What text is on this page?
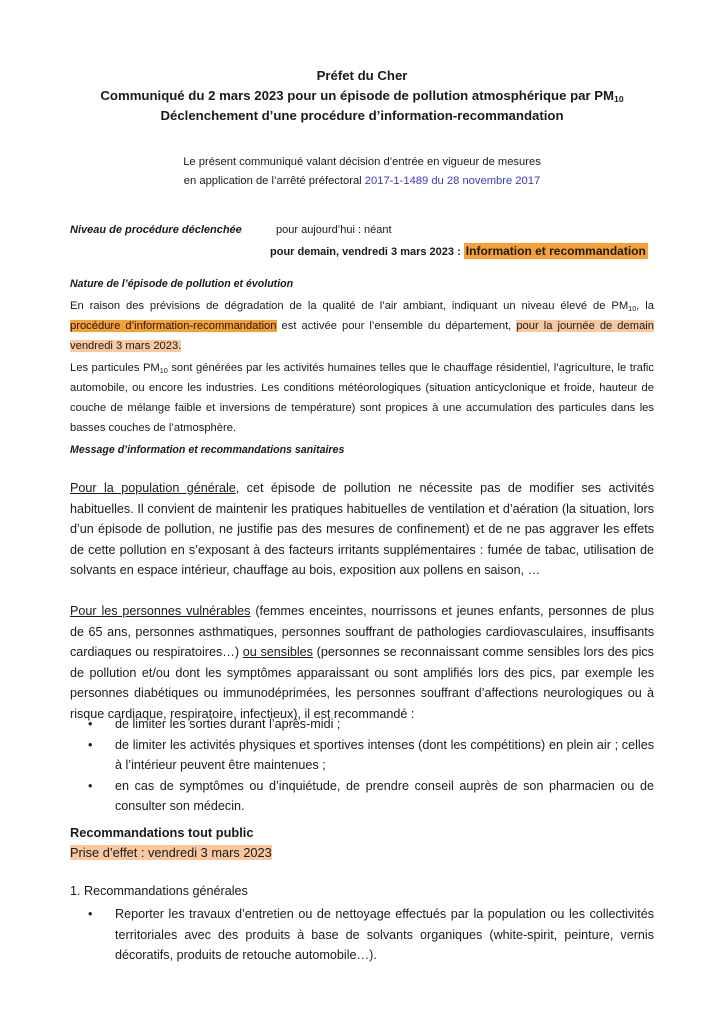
Préfet du Cher
Communiqué du 2 mars 2023 pour un épisode de pollution atmosphérique par $PM_{10}$
Déclenchement d’une procédure d’information-recommandation
Le présent communiqué valant décision d’entrée en vigueur de mesures
en application de l’arrêté préfectoral 2017-1-1489 du 28 novembre 2017
Niveau de procédure déclenchée	pour aujourd’hui : néant
pour demain, vendredi 3 mars 2023 : Information et recommandation
Nature de l’épisode de pollution et évolution
En raison des prévisions de dégradation de la qualité de l’air ambiant, indiquant un niveau élevé de $PM_{10}$, la procédure d’information-recommandation est activée pour l’ensemble du département, pour la journée de demain vendredi 3 mars 2023.
Les particules $PM_{10}$ sont générées par les activités humaines telles que le chauffage résidentiel, l’agriculture, le trafic automobile, ou encore les industries. Les conditions météorologiques (situation anticyclonique et froide, hauteur de couche de mélange faible et inversions de température) sont propices à une accumulation des particules dans les basses couches de l’atmosphère.
Message d’information et recommandations sanitaires
Pour la population générale, cet épisode de pollution ne nécessite pas de modifier ses activités habituelles. Il convient de maintenir les pratiques habituelles de ventilation et d’aération (la situation, lors d’un épisode de pollution, ne justifie pas des mesures de confinement) et de ne pas aggraver les effets de cette pollution en s’exposant à des facteurs irritants supplémentaires : fumée de tabac, utilisation de solvants en espace intérieur, chauffage au bois, exposition aux pollens en saison, …
Pour les personnes vulnérables (femmes enceintes, nourrissons et jeunes enfants, personnes de plus de 65 ans, personnes asthmatiques, personnes souffrant de pathologies cardiovasculaires, insuffisants cardiaques ou respiratoires…) ou sensibles (personnes se reconnaissant comme sensibles lors des pics de pollution et/ou dont les symptômes apparaissant ou sont amplifiés lors des pics, par exemple les personnes diabétiques ou immunodéprimées, les personnes souffrant d’affections neurologiques ou à risque cardiaque, respiratoire, infectieux), il est recommandé :
• de limiter les sorties durant l’après-midi ;
• de limiter les activités physiques et sportives intenses (dont les compétitions) en plein air ; celles à l’intérieur peuvent être maintenues ;
• en cas de symptômes ou d’inquiétude, de prendre conseil auprès de son pharmacien ou de consulter son médecin.
Recommandations tout public
Prise d’effet : vendredi 3 mars 2023
1. Recommandations générales
• Reporter les travaux d’entretien ou de nettoyage effectués par la population ou les collectivités territoriales avec des produits à base de solvants organiques (white-spirit, peinture, vernis décoratifs, produits de retouche automobile…).
